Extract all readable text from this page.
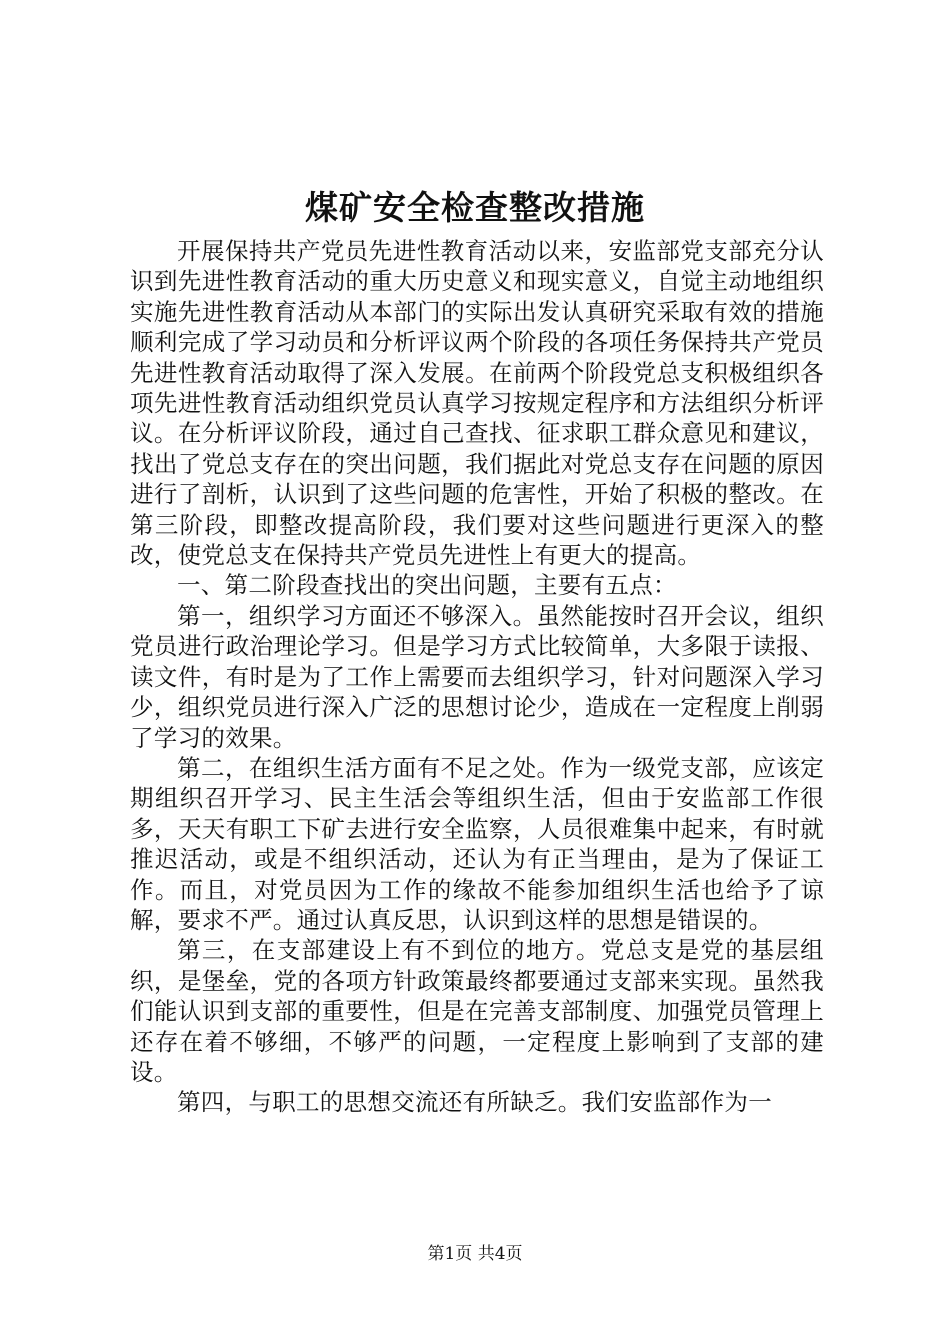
煤矿安全检查整改措施

开展保持共产党员先进性教育活动以来，安监部党支部充分认识到先进性教育活动的重大历史意义和现实意义，自觉主动地组织实施先进性教育活动从本部门的实际出发认真研究采取有效的措施顺利完成了学习动员和分析评议两个阶段的各项任务保持共产党员先进性教育活动取得了深入发展。在前两个阶段党总支积极组织各项先进性教育活动组织党员认真学习按规定程序和方法组织分析评议。在分析评议阶段，通过自己查找、征求职工群众意见和建议，找出了党总支存在的突出问题，我们据此对党总支存在问题的原因进行了剖析，认识到了这些问题的危害性，开始了积极的整改。在第三阶段，即整改提高阶段，我们要对这些问题进行更深入的整改，使党总支在保持共产党员先进性上有更大的提高。

一、第二阶段查找出的突出问题，主要有五点：

第一，组织学习方面还不够深入。虽然能按时召开会议，组织党员进行政治理论学习。但是学习方式比较简单，大多限于读报、读文件，有时是为了工作上需要而去组织学习，针对问题深入学习少，组织党员进行深入广泛的思想讨论少，造成在一定程度上削弱了学习的效果。

第二，在组织生活方面有不足之处。作为一级党支部，应该定期组织召开学习、民主生活会等组织生活，但由于安监部工作很多，天天有职工下矿去进行安全监察，人员很难集中起来，有时就推迟活动，或是不组织活动，还认为有正当理由，是为了保证工作。而且，对党员因为工作的缘故不能参加组织生活也给予了谅解，要求不严。通过认真反思，认识到这样的思想是错误的。

第三，在支部建设上有不到位的地方。党总支是党的基层组织，是堡垒，党的各项方针政策最终都要通过支部来实现。虽然我们能认识到支部的重要性，但是在完善支部制度、加强党员管理上还存在着不够细，不够严的问题，一定程度上影响到了支部的建设。

第四，与职工的思想交流还有所缺乏。我们安监部作为一

第1页 共4页
